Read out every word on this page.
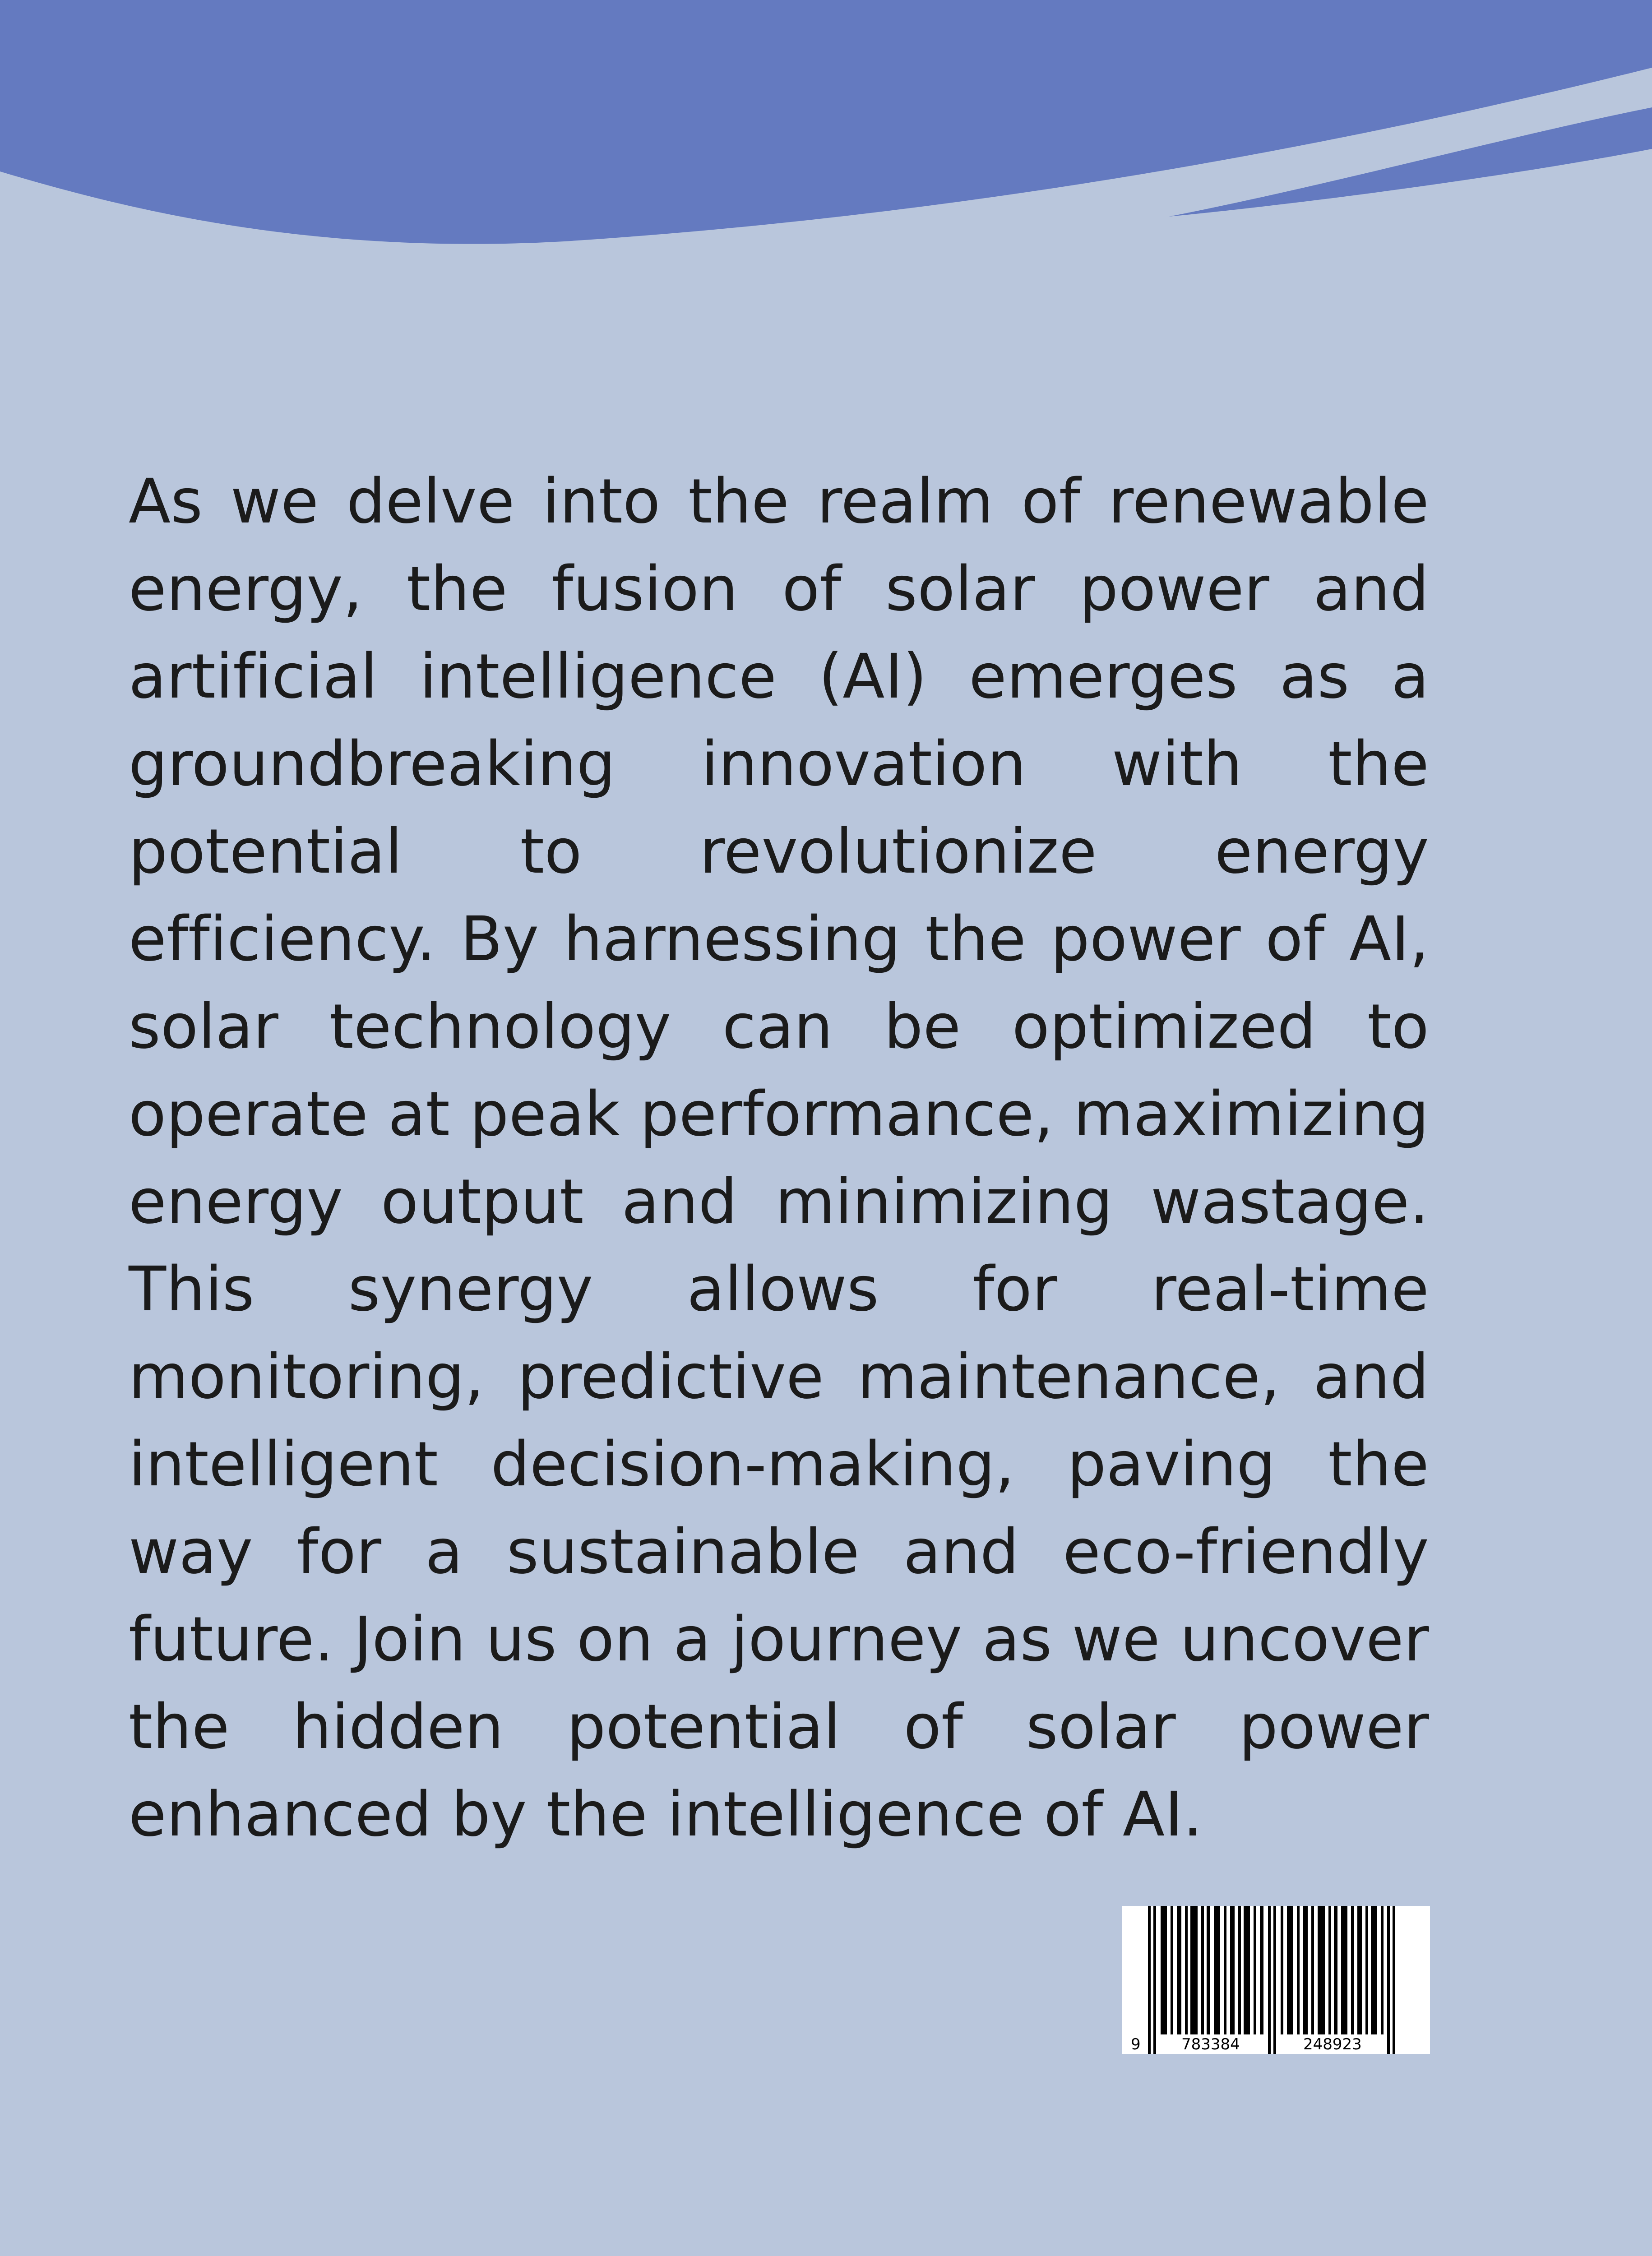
As we delve into the realm of renewable energy, the fusion of solar power and artificial intelligence (AI) emerges as a groundbreaking innovation with the potential to revolutionize energy efficiency. By harnessing the power of AI, solar technology can be optimized to operate at peak performance, maximizing energy output and minimizing wastage. This synergy allows for real-time monitoring, predictive maintenance, and intelligent decision-making, paving the way for a sustainable and eco-friendly future. Join us on a journey as we uncover the hidden potential of solar power enhanced by the intelligence of AI.

9	783384	248923
